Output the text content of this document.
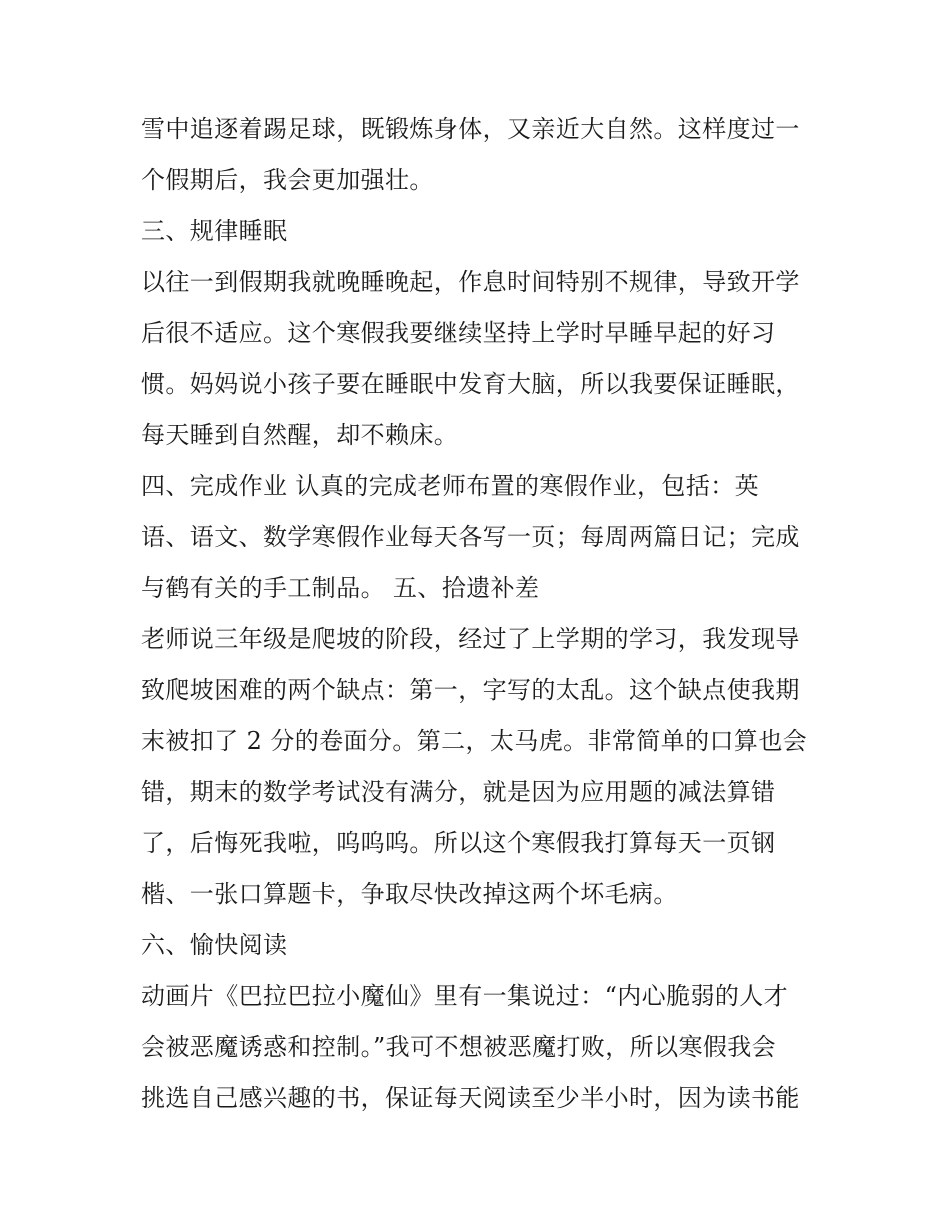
雪中追逐着踢足球，既锻炼身体，又亲近大自然。这样度过一
个假期后，我会更加强壮。
三、规律睡眠
以往一到假期我就晚睡晚起，作息时间特别不规律，导致开学
后很不适应。这个寒假我要继续坚持上学时早睡早起的好习
惯。妈妈说小孩子要在睡眠中发育大脑，所以我要保证睡眠，
每天睡到自然醒，却不赖床。
四、完成作业 认真的完成老师布置的寒假作业，包括：英
语、语文、数学寒假作业每天各写一页；每周两篇日记；完成
与鹤有关的手工制品。 五、拾遗补差
老师说三年级是爬坡的阶段，经过了上学期的学习，我发现导
致爬坡困难的两个缺点：第一，字写的太乱。这个缺点使我期
末被扣了 2 分的卷面分。第二，太马虎。非常简单的口算也会
错，期末的数学考试没有满分，就是因为应用题的减法算错
了，后悔死我啦，呜呜呜。所以这个寒假我打算每天一页钢
楷、一张口算题卡，争取尽快改掉这两个坏毛病。
六、愉快阅读
动画片《巴拉巴拉小魔仙》里有一集说过：“内心脆弱的人才
会被恶魔诱惑和控制。”我可不想被恶魔打败，所以寒假我会
挑选自己感兴趣的书，保证每天阅读至少半小时，因为读书能
